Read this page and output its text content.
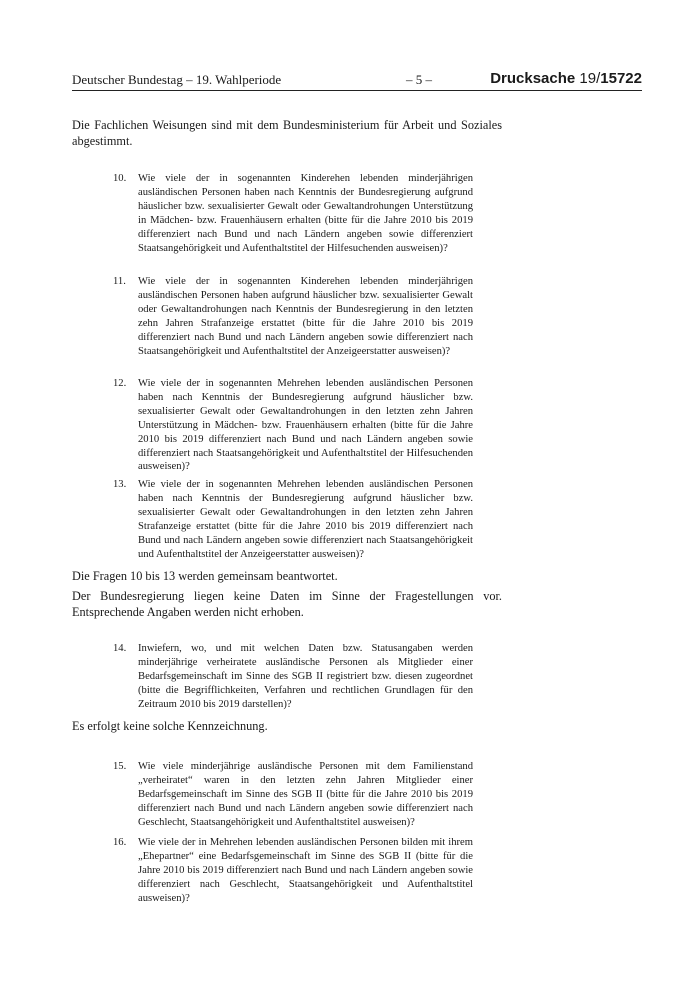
Deutscher Bundestag – 19. Wahlperiode	– 5 –	Drucksache 19/15722

Die Fachlichen Weisungen sind mit dem Bundesministerium für Arbeit und Soziales abgestimmt.

10. Wie viele der in sogenannten Kinderehen lebenden minderjährigen ausländischen Personen haben nach Kenntnis der Bundesregierung aufgrund häuslicher bzw. sexualisierter Gewalt oder Gewaltandrohungen Unterstützung in Mädchen- bzw. Frauenhäusern erhalten (bitte für die Jahre 2010 bis 2019 differenziert nach Bund und nach Ländern angeben sowie differenziert Staatsangehörigkeit und Aufenthaltstitel der Hilfesuchenden ausweisen)?
11. Wie viele der in sogenannten Kinderehen lebenden minderjährigen ausländischen Personen haben aufgrund häuslicher bzw. sexualisierter Gewalt oder Gewaltandrohungen nach Kenntnis der Bundesregierung in den letzten zehn Jahren Strafanzeige erstattet (bitte für die Jahre 2010 bis 2019 differenziert nach Bund und nach Ländern angeben sowie differenziert nach Staatsangehörigkeit und Aufenthaltstitel der Anzeigeerstatter ausweisen)?
12. Wie viele der in sogenannten Mehrehen lebenden ausländischen Personen haben nach Kenntnis der Bundesregierung aufgrund häuslicher bzw. sexualisierter Gewalt oder Gewaltandrohungen in den letzten zehn Jahren Unterstützung in Mädchen- bzw. Frauenhäusern erhalten (bitte für die Jahre 2010 bis 2019 differenziert nach Bund und nach Ländern angeben sowie differenziert nach Staatsangehörigkeit und Aufenthaltstitel der Hilfesuchenden ausweisen)?
13. Wie viele der in sogenannten Mehrehen lebenden ausländischen Personen haben nach Kenntnis der Bundesregierung aufgrund häuslicher bzw. sexualisierter Gewalt oder Gewaltandrohungen in den letzten zehn Jahren Strafanzeige erstattet (bitte für die Jahre 2010 bis 2019 differenziert nach Bund und nach Ländern angeben sowie differenziert nach Staatsangehörigkeit und Aufenthaltstitel der Anzeigeerstatter ausweisen)?

Die Fragen 10 bis 13 werden gemeinsam beantwortet.

Der Bundesregierung liegen keine Daten im Sinne der Fragestellungen vor. Entsprechende Angaben werden nicht erhoben.

14. Inwiefern, wo, und mit welchen Daten bzw. Statusangaben werden minderjährige verheiratete ausländische Personen als Mitglieder einer Bedarfsgemeinschaft im Sinne des SGB II registriert bzw. diesen zugeordnet (bitte die Begrifflichkeiten, Verfahren und rechtlichen Grundlagen für den Zeitraum 2010 bis 2019 darstellen)?

Es erfolgt keine solche Kennzeichnung.

15. Wie viele minderjährige ausländische Personen mit dem Familienstand „verheiratet“ waren in den letzten zehn Jahren Mitglieder einer Bedarfsgemeinschaft im Sinne des SGB II (bitte für die Jahre 2010 bis 2019 differenziert nach Bund und nach Ländern angeben sowie differenziert nach Geschlecht, Staatsangehörigkeit und Aufenthaltstitel ausweisen)?
16. Wie viele der in Mehrehen lebenden ausländischen Personen bilden mit ihrem „Ehepartner“ eine Bedarfsgemeinschaft im Sinne des SGB II (bitte für die Jahre 2010 bis 2019 differenziert nach Bund und nach Ländern angeben sowie differenziert nach Geschlecht, Staatsangehörigkeit und Aufenthaltstitel ausweisen)?
